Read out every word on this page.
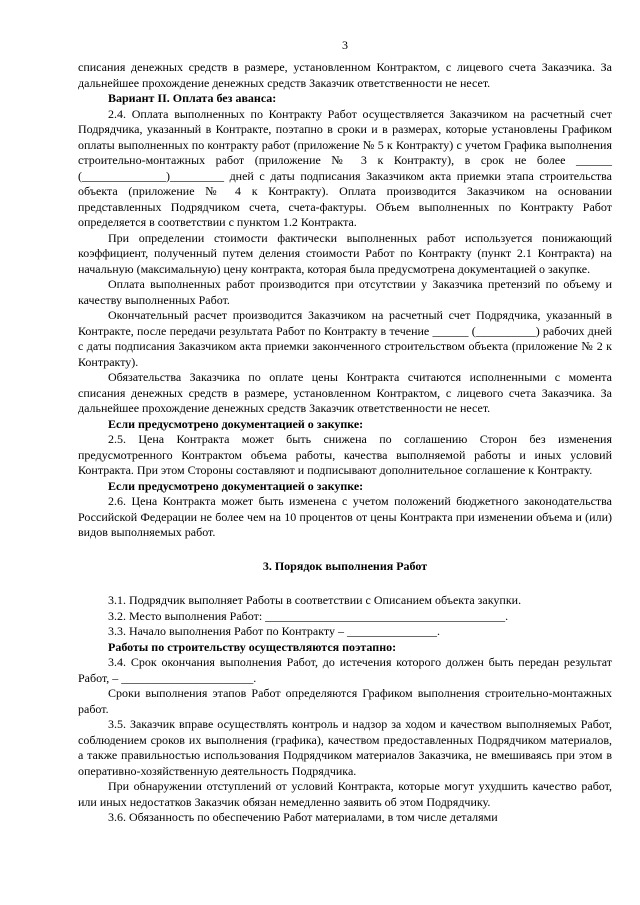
3

списания денежных средств в размере, установленном Контрактом, с лицевого счета Заказчика. За дальнейшее прохождение денежных средств Заказчик ответственности не несет.

Вариант II. Оплата без аванса:

2.4. Оплата выполненных по Контракту Работ осуществляется Заказчиком на расчетный счет Подрядчика, указанный в Контракте, поэтапно в сроки и в размерах, которые установлены Графиком оплаты выполненных по контракту работ (приложение № 5 к Контракту) с учетом Графика выполнения строительно-монтажных работ (приложение № 3 к Контракту), в срок не более ______ (______________)_________ дней с даты подписания Заказчиком акта приемки этапа строительства объекта (приложение № 4 к Контракту). Оплата производится Заказчиком на основании представленных Подрядчиком счета, счета-фактуры. Объем выполненных по Контракту Работ определяется в соответствии с пунктом 1.2 Контракта.

При определении стоимости фактически выполненных работ используется понижающий коэффициент, полученный путем деления стоимости Работ по Контракту (пункт 2.1 Контракта) на начальную (максимальную) цену контракта, которая была предусмотрена документацией о закупке.

Оплата выполненных работ производится при отсутствии у Заказчика претензий по объему и качеству выполненных Работ.

Окончательный расчет производится Заказчиком на расчетный счет Подрядчика, указанный в Контракте, после передачи результата Работ по Контракту в течение ______ (__________) рабочих дней с даты подписания Заказчиком акта приемки законченного строительством объекта (приложение № 2 к Контракту).

Обязательства Заказчика по оплате цены Контракта считаются исполненными с момента списания денежных средств в размере, установленном Контрактом, с лицевого счета Заказчика. За дальнейшее прохождение денежных средств Заказчик ответственности не несет.

Если предусмотрено документацией о закупке:

2.5. Цена Контракта может быть снижена по соглашению Сторон без изменения предусмотренного Контрактом объема работы, качества выполняемой работы и иных условий Контракта. При этом Стороны составляют и подписывают дополнительное соглашение к Контракту.

Если предусмотрено документацией о закупке:

2.6. Цена Контракта может быть изменена с учетом положений бюджетного законодательства Российской Федерации не более чем на 10 процентов от цены Контракта при изменении объема и (или) видов выполняемых работ.

3. Порядок выполнения Работ

3.1. Подрядчик выполняет Работы в соответствии с Описанием объекта закупки.

3.2. Место выполнения Работ: ________________________________________.

3.3. Начало выполнения Работ по Контракту – _______________.

Работы по строительству осуществляются поэтапно:

3.4. Срок окончания выполнения Работ, до истечения которого должен быть передан результат Работ, – ______________________.

Сроки выполнения этапов Работ определяются Графиком выполнения строительно-монтажных работ.

3.5. Заказчик вправе осуществлять контроль и надзор за ходом и качеством выполняемых Работ, соблюдением сроков их выполнения (графика), качеством предоставленных Подрядчиком материалов, а также правильностью использования Подрядчиком материалов Заказчика, не вмешиваясь при этом в оперативно-хозяйственную деятельность Подрядчика.

При обнаружении отступлений от условий Контракта, которые могут ухудшить качество работ, или иных недостатков Заказчик обязан немедленно заявить об этом Подрядчику.

3.6. Обязанность по обеспечению Работ материалами, в том числе деталями
